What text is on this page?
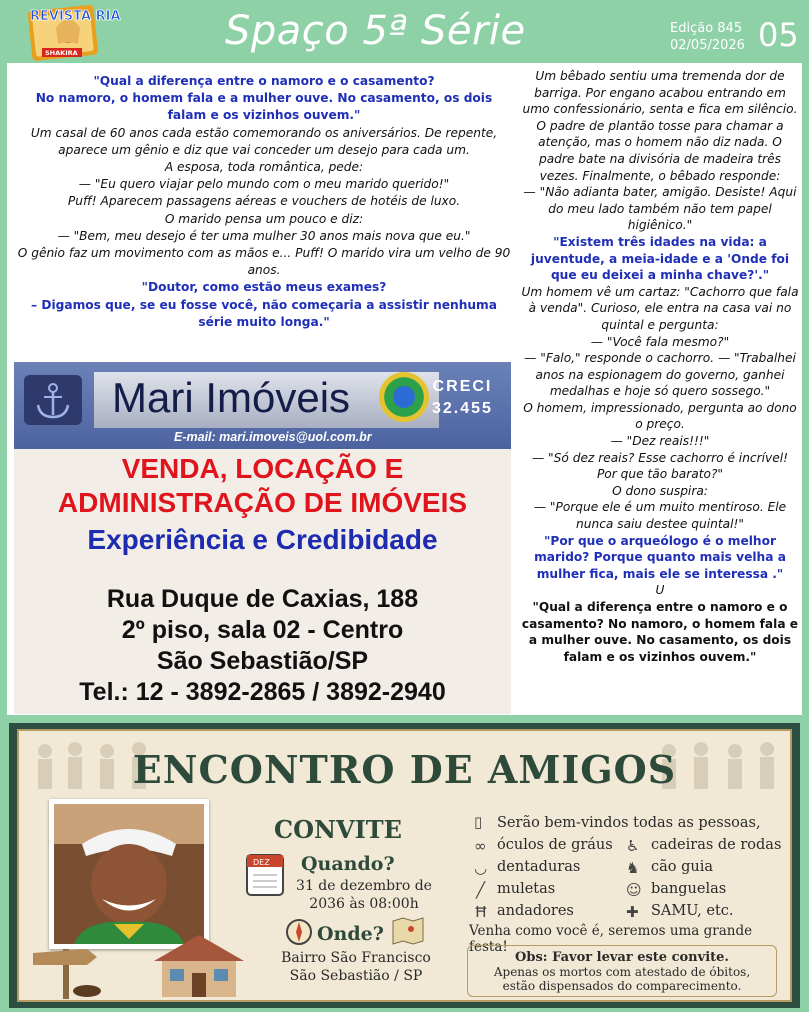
REVISTA RIA
SHAKIRA	Spaço 5ª Série	Edição 845
02/05/2026 05
"Qual a diferença entre o namoro e o casamento?
No namoro, o homem fala e a mulher ouve. No casamento, os dois falam e os vizinhos ouvem."
Um casal de 60 anos cada estão comemorando os aniversários. De repente, aparece um gênio e diz que vai conceder um desejo para cada um.
A esposa, toda romântica, pede:
— "Eu quero viajar pelo mundo com o meu marido querido!"
Puff! Aparecem passagens aéreas e vouchers de hotéis de luxo.
O marido pensa um pouco e diz:
— "Bem, meu desejo é ter uma mulher 30 anos mais nova que eu."
O gênio faz um movimento com as mãos e... Puff! O marido vira um velho de 90 anos.
"Doutor, como estão meus exames?
– Digamos que, se eu fosse você, não começaria a assistir nenhuma série muito longa."
Um bêbado sentiu uma tremenda dor de barriga. Por engano acabou entrando em umo confessionário, senta e fica em silêncio.
O padre de plantão tosse para chamar a atenção, mas o homem não diz nada. O padre bate na divisória de madeira três vezes. Finalmente, o bêbado responde:
— "Não adianta bater, amigão. Desiste! Aqui do meu lado também não tem papel higiênico."
"Existem três idades na vida: a juventude, a meia-idade e a 'Onde foi que eu deixei a minha chave?'."
Um homem vê um cartaz: "Cachorro que fala à venda". Curioso, ele entra na casa vai no quintal e pergunta:
— "Você fala mesmo?"
— "Falo," responde o cachorro. — "Trabalhei anos na espionagem do governo, ganhei medalhas e hoje só quero sossego."
O homem, impressionado, pergunta ao dono o preço.
— "Dez reais!!!"
— "Só dez reais? Esse cachorro é incrível! Por que tão barato?"
O dono suspira:
— "Porque ele é um muito mentiroso. Ele nunca saiu destee quintal!"
"Por que o arqueólogo é o melhor marido? Porque quanto mais velha a mulher fica, mais ele se interessa ."
U
"Qual a diferença entre o namoro e o casamento? No namoro, o homem fala e a mulher ouve. No casamento, os dois falam e os vizinhos ouvem."
Mari Imóveis	CRECI
32.455
E-mail: mari.imoveis@uol.com.br
VENDA, LOCAÇÃO E
ADMINISTRAÇÃO DE IMÓVEIS
Experiência e Credibidade
Rua Duque de Caxias, 188
2º piso, sala 02 - Centro
São Sebastião/SP
Tel.: 12 - 3892-2865 / 3892-2940
ENCONTRO DE AMIGOS
CONVITE
DEZ Quando?
31 de dezembro de
2036 às 08:00h
Onde?
Bairro São Francisco
São Sebastião / SP
▯ Serão bem-vindos todas as pessoas,
∞
◡
╱
Ħ
óculos de gráus
dentaduras
muletas
andadores
♿
♞
☺
✚
cadeiras de rodas
cão guia
banguelas
SAMU, etc.
Venha como você é, seremos uma grande festa!
Obs: Favor levar este convite.
Apenas os mortos com atestado de óbitos,
estão dispensados do comparecimento.
